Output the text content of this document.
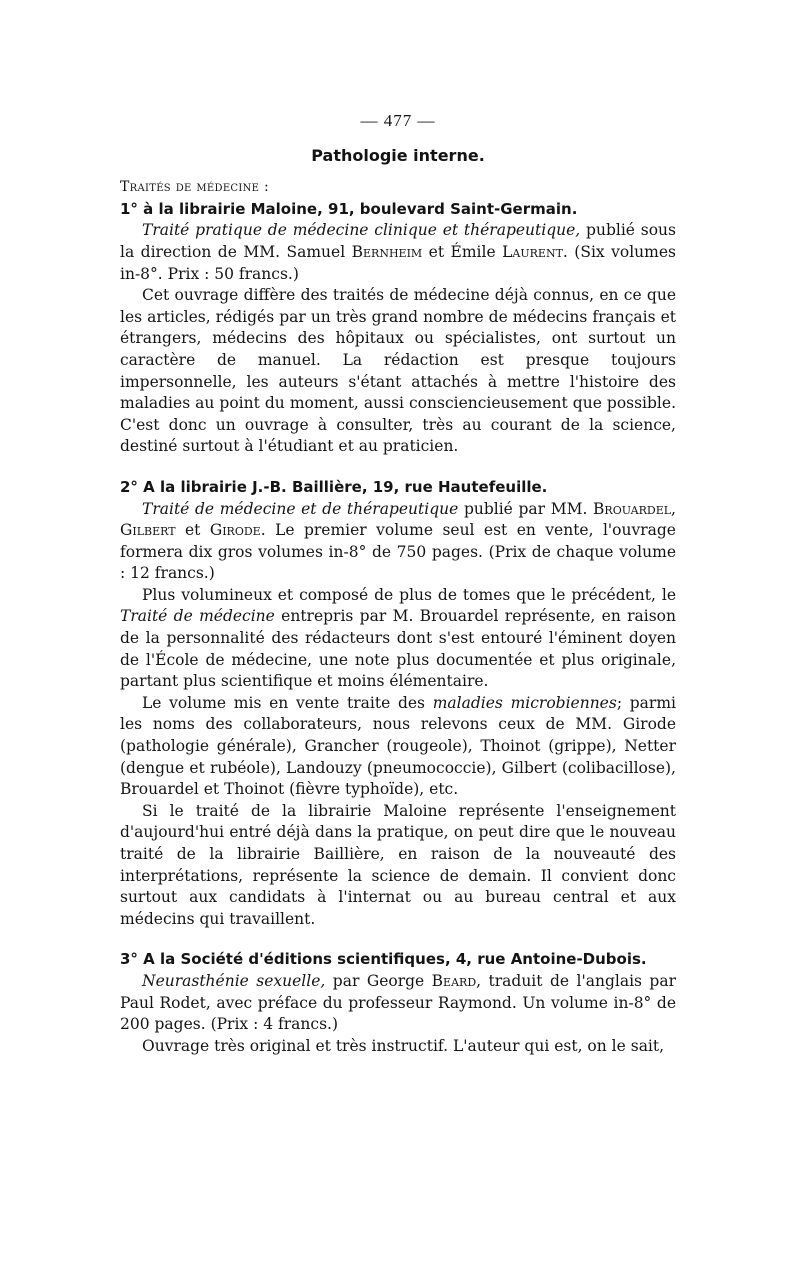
— 477 —
Pathologie interne.
Traités de médecine :
1° à la librairie Maloine, 91, boulevard Saint-Germain.

Traité pratique de médecine clinique et thérapeutique, publié sous la direction de MM. Samuel Bernheim et Émile Laurent. (Six volumes in-8°. Prix : 50 francs.)

Cet ouvrage diffère des traités de médecine déjà connus, en ce que les articles, rédigés par un très grand nombre de médecins français et étrangers, médecins des hôpitaux ou spécialistes, ont surtout un caractère de manuel. La rédaction est presque toujours impersonnelle, les auteurs s'étant attachés à mettre l'histoire des maladies au point du moment, aussi consciencieusement que possible. C'est donc un ouvrage à consulter, très au courant de la science, destiné surtout à l'étudiant et au praticien.

2° A la librairie J.-B. Baillière, 19, rue Hautefeuille.

Traité de médecine et de thérapeutique publié par MM. Brouardel, Gilbert et Girode. Le premier volume seul est en vente, l'ouvrage formera dix gros volumes in-8° de 750 pages. (Prix de chaque volume : 12 francs.)

Plus volumineux et composé de plus de tomes que le précédent, le Traité de médecine entrepris par M. Brouardel représente, en raison de la personnalité des rédacteurs dont s'est entouré l'éminent doyen de l'École de médecine, une note plus documentée et plus originale, partant plus scientifique et moins élémentaire.

Le volume mis en vente traite des maladies microbiennes; parmi les noms des collaborateurs, nous relevons ceux de MM. Girode (pathologie générale), Grancher (rougeole), Thoinot (grippe), Netter (dengue et rubéole), Landouzy (pneumococcie), Gilbert (colibacillose), Brouardel et Thoinot (fièvre typhoïde), etc.

Si le traité de la librairie Maloine représente l'enseignement d'aujourd'hui entré déjà dans la pratique, on peut dire que le nouveau traité de la librairie Baillière, en raison de la nouveauté des interprétations, représente la science de demain. Il convient donc surtout aux candidats à l'internat ou au bureau central et aux médecins qui travaillent.

3° A la Société d'éditions scientifiques, 4, rue Antoine-Dubois.

Neurasthénie sexuelle, par George Beard, traduit de l'anglais par Paul Rodet, avec préface du professeur Raymond. Un volume in-8° de 200 pages. (Prix : 4 francs.)

Ouvrage très original et très instructif. L'auteur qui est, on le sait,
